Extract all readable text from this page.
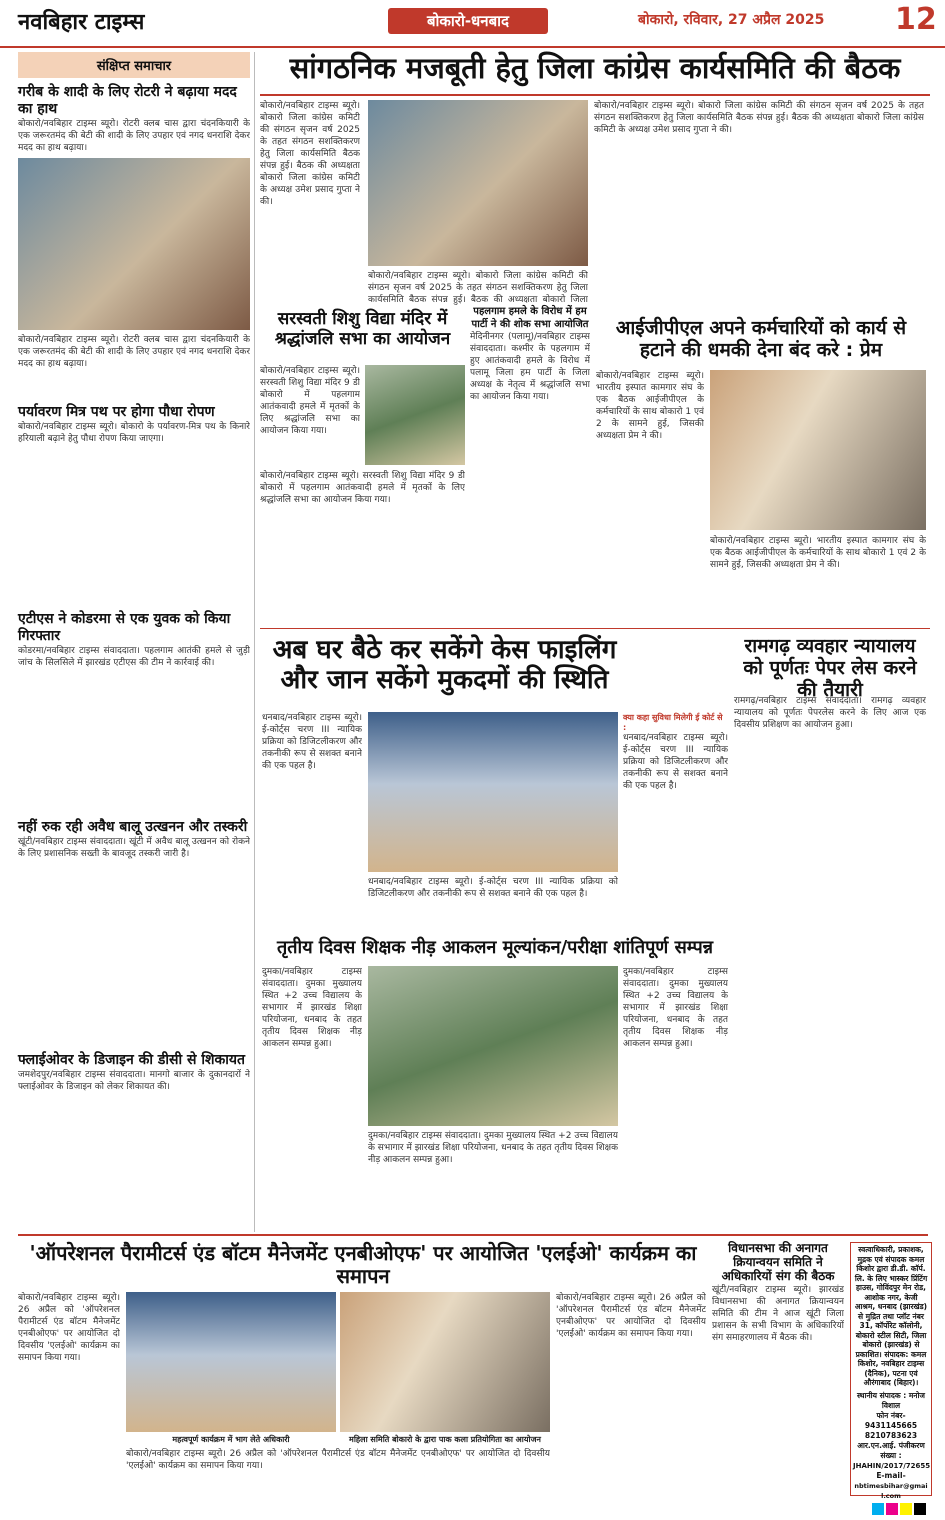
नवबिहार टाइम्स	बोकारो-धनबाद	बोकारो, रविवार, 27 अप्रैल 2025 12
संक्षिप्त समाचार
गरीब के शादी के लिए रोटरी ने बढ़ाया मदद का हाथ
बोकारो/नवबिहार टाइम्स ब्यूरो। रोटरी क्लब चास द्वारा चंदनकियारी के एक जरूरतमंद की बेटी की शादी के लिए उपहार एवं नगद धनराशि देकर मदद का हाथ बढ़ाया।
बोकारो/नवबिहार टाइम्स ब्यूरो। रोटरी क्लब चास द्वारा चंदनकियारी के एक जरूरतमंद की बेटी की शादी के लिए उपहार एवं नगद धनराशि देकर मदद का हाथ बढ़ाया।
पर्यावरण मित्र पथ पर होगा पौधा रोपण
बोकारो/नवबिहार टाइम्स ब्यूरो। बोकारो के पर्यावरण-मित्र पथ के किनारे हरियाली बढ़ाने हेतु पौधा रोपण किया जाएगा।
एटीएस ने कोडरमा से एक युवक को किया गिरफ्तार
कोडरमा/नवबिहार टाइम्स संवाददाता। पहलगाम आतंकी हमले से जुड़ी जांच के सिलसिले में झारखंड एटीएस की टीम ने कार्रवाई की।
नहीं रुक रही अवैध बालू उत्खनन और तस्करी
खूंटी/नवबिहार टाइम्स संवाददाता। खूंटी में अवैध बालू उत्खनन को रोकने के लिए प्रशासनिक सख्ती के बावजूद तस्करी जारी है।
फ्लाईओवर के डिजाइन की डीसी से शिकायत
जमशेदपुर/नवबिहार टाइम्स संवाददाता। मानगो बाजार के दुकानदारों ने फ्लाईओवर के डिजाइन को लेकर शिकायत की।
सांगठनिक मजबूती हेतु जिला कांग्रेस कार्यसमिति की बैठक
बोकारो/नवबिहार टाइम्स ब्यूरो। बोकारो जिला कांग्रेस कमिटी की संगठन सृजन वर्ष 2025 के तहत संगठन सशक्तिकरण हेतु जिला कार्यसमिति बैठक संपन्न हुई। बैठक की अध्यक्षता बोकारो जिला कांग्रेस कमिटी के अध्यक्ष उमेश प्रसाद गुप्ता ने की।
बोकारो/नवबिहार टाइम्स ब्यूरो। बोकारो जिला कांग्रेस कमिटी की संगठन सृजन वर्ष 2025 के तहत संगठन सशक्तिकरण हेतु जिला कार्यसमिति बैठक संपन्न हुई। बैठक की अध्यक्षता बोकारो जिला
बोकारो/नवबिहार टाइम्स ब्यूरो। बोकारो जिला कांग्रेस कमिटी की संगठन सृजन वर्ष 2025 के तहत संगठन सशक्तिकरण हेतु जिला कार्यसमिति बैठक संपन्न हुई। बैठक की अध्यक्षता बोकारो जिला कांग्रेस कमिटी के अध्यक्ष उमेश प्रसाद गुप्ता ने की।
पहलगाम हमले के विरोध में हम पार्टी ने की शोक सभा आयोजित
मेदिनीनगर (पलामू)/नवबिहार टाइम्स संवाददाता। कश्मीर के पहलगाम में हुए आतंकवादी हमले के विरोध में पलामू जिला हम पार्टी के जिला अध्यक्ष के नेतृत्व में श्रद्धांजलि सभा का आयोजन किया गया।
सरस्वती शिशु विद्या मंदिर में श्रद्धांजलि सभा का आयोजन
बोकारो/नवबिहार टाइम्स ब्यूरो। सरस्वती शिशु विद्या मंदिर 9 डी बोकारो में पहलगाम आतंकवादी हमले में मृतकों के लिए श्रद्धांजलि सभा का आयोजन किया गया।
बोकारो/नवबिहार टाइम्स ब्यूरो। सरस्वती शिशु विद्या मंदिर 9 डी बोकारो में पहलगाम आतंकवादी हमले में मृतकों के लिए श्रद्धांजलि सभा का आयोजन किया गया।
आईजीपीएल अपने कर्मचारियों को कार्य से हटाने की धमकी देना बंद करे : प्रेम
बोकारो/नवबिहार टाइम्स ब्यूरो। भारतीय इस्पात कामगार संघ के एक बैठक आईजीपीएल के कर्मचारियों के साथ बोकारो 1 एवं 2 के सामने हुई, जिसकी अध्यक्षता प्रेम ने की।
बोकारो/नवबिहार टाइम्स ब्यूरो। भारतीय इस्पात कामगार संघ के एक बैठक आईजीपीएल के कर्मचारियों के साथ बोकारो 1 एवं 2 के सामने हुई, जिसकी अध्यक्षता प्रेम ने की।
अब घर बैठे कर सकेंगे केस फाइलिंग और जान सकेंगे मुकदमों की स्थिति
धनबाद/नवबिहार टाइम्स ब्यूरो। ई-कोर्ट्स चरण III न्यायिक प्रक्रिया को डिजिटलीकरण और तकनीकी रूप से सशक्त बनाने की एक पहल है।
धनबाद/नवबिहार टाइम्स ब्यूरो। ई-कोर्ट्स चरण III न्यायिक प्रक्रिया को डिजिटलीकरण और तकनीकी रूप से सशक्त बनाने की एक पहल है।
क्या कहा सुविधा मिलेगी ई कोर्ट से :
धनबाद/नवबिहार टाइम्स ब्यूरो। ई-कोर्ट्स चरण III न्यायिक प्रक्रिया को डिजिटलीकरण और तकनीकी रूप से सशक्त बनाने की एक पहल है।
रामगढ़ व्यवहार न्यायालय को पूर्णतः पेपर लेस करने की तैयारी
रामगढ़/नवबिहार टाइम्स संवाददाता। रामगढ़ व्यवहार न्यायालय को पूर्णतः पेपरलेस करने के लिए आज एक दिवसीय प्रशिक्षण का आयोजन हुआ।
तृतीय दिवस शिक्षक नीड़ आकलन मूल्यांकन/परीक्षा शांतिपूर्ण सम्पन्न
दुमका/नवबिहार टाइम्स संवाददाता। दुमका मुख्यालय स्थित +2 उच्च विद्यालय के सभागार में झारखंड शिक्षा परियोजना, धनबाद के तहत तृतीय दिवस शिक्षक नीड़ आकलन सम्पन्न हुआ।
दुमका/नवबिहार टाइम्स संवाददाता। दुमका मुख्यालय स्थित +2 उच्च विद्यालय के सभागार में झारखंड शिक्षा परियोजना, धनबाद के तहत तृतीय दिवस शिक्षक नीड़ आकलन सम्पन्न हुआ।
दुमका/नवबिहार टाइम्स संवाददाता। दुमका मुख्यालय स्थित +2 उच्च विद्यालय के सभागार में झारखंड शिक्षा परियोजना, धनबाद के तहत तृतीय दिवस शिक्षक नीड़ आकलन सम्पन्न हुआ।
'ऑपरेशनल पैरामीटर्स एंड बॉटम मैनेजमेंट एनबीओएफ' पर आयोजित 'एलईओ' कार्यक्रम का समापन
बोकारो/नवबिहार टाइम्स ब्यूरो। 26 अप्रैल को 'ऑपरेशनल पैरामीटर्स एंड बॉटम मैनेजमेंट एनबीओएफ' पर आयोजित दो दिवसीय 'एलईओ' कार्यक्रम का समापन किया गया।
महत्वपूर्ण कार्यक्रम में भाग लेते अधिकारी	महिला समिति बोकारो के द्वारा पाक कला प्रतियोगिता का आयोजन
बोकारो/नवबिहार टाइम्स ब्यूरो। 26 अप्रैल को 'ऑपरेशनल पैरामीटर्स एंड बॉटम मैनेजमेंट एनबीओएफ' पर आयोजित दो दिवसीय 'एलईओ' कार्यक्रम का समापन किया गया।
बोकारो/नवबिहार टाइम्स ब्यूरो। 26 अप्रैल को 'ऑपरेशनल पैरामीटर्स एंड बॉटम मैनेजमेंट एनबीओएफ' पर आयोजित दो दिवसीय 'एलईओ' कार्यक्रम का समापन किया गया।
विधानसभा की अनागत क्रियान्वयन समिति ने अधिकारियों संग की बैठक
खूंटी/नवबिहार टाइम्स ब्यूरो। झारखंड विधानसभा की अनागत क्रियान्वयन समिति की टीम ने आज खूंटी जिला प्रशासन के सभी विभाग के अधिकारियों संग समाहरणालय में बैठक की।
स्वत्वाधिकारी, प्रकाशक, मुद्रक एवं संपादक कमल किशोर द्वारा डी.डी. कॉर्प. लि. के लिए भास्कर प्रिंटिंग हाउस, गोविंदपुर मेन रोड, आशोक नगर, केजी आश्रम, धनबाद (झारखंड) से मुद्रित तथा प्लॉट नंबर 31, कॉर्पोरेट कॉलोनी, बोकारो स्टील सिटी, जिला बोकारो (झारखंड) से प्रकाशित। संपादक: कमल किशोर, नवबिहार टाइम्स (दैनिक), पटना एवं औरंगाबाद (बिहार)।
स्थानीय संपादक : मनोज विशाल
फोन नंबर-
9431145665
8210783623
आर.एन.आई. पंजीकरण संख्या :
JHAHIN/2017/72655
E-mail-
nbtimesbihar@gmail.com
